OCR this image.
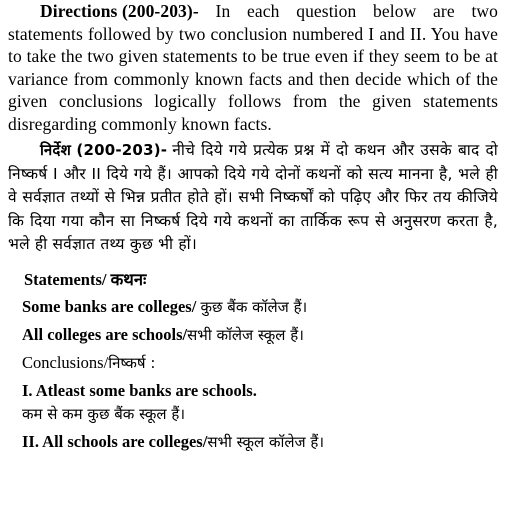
Directions (200-203)- In each question below are two statements followed by two conclusion numbered I and II. You have to take the two given statements to be true even if they seem to be at variance from commonly known facts and then decide which of the given conclusions logically follows from the given statements disregarding commonly known facts.

निर्देश (200-203)- नीचे दिये गये प्रत्येक प्रश्न में दो कथन और उसके बाद दो निष्कर्ष I और II दिये गये हैं। आपको दिये गये दोनों कथनों को सत्य मानना है, भले ही वे सर्वज्ञात तथ्यों से भिन्न प्रतीत होते हों। सभी निष्कर्षों को पढ़िए और फिर तय कीजिये कि दिया गया कौन सा निष्कर्ष दिये गये कथनों का तार्किक रूप से अनुसरण करता है, भले ही सर्वज्ञात तथ्य कुछ भी हों।

Statements/ कथनः
Some banks are colleges/ कुछ बैंक कॉलेज हैं।
All colleges are schools/सभी कॉलेज स्कूल हैं।
Conclusions/निष्कर्ष :
I. Atleast some banks are schools.
कम से कम कुछ बैंक स्कूल हैं।
II. All schools are colleges/सभी स्कूल कॉलेज हैं।
